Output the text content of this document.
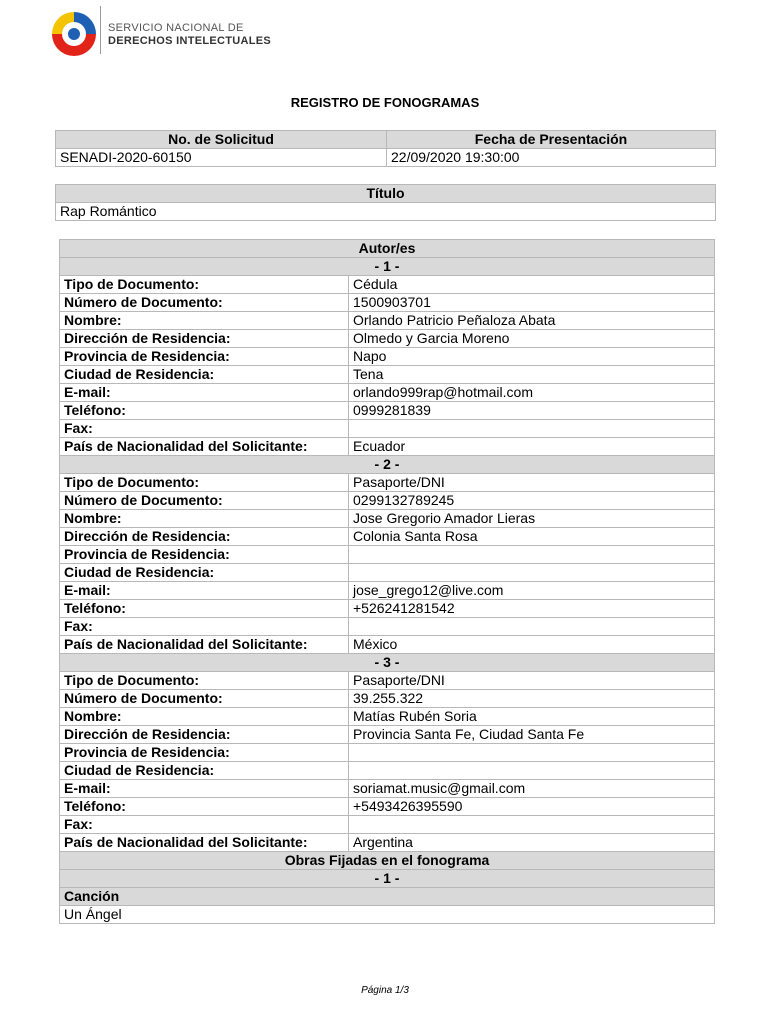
SERVICIO NACIONAL DE
DERECHOS INTELECTUALES
REGISTRO DE FONOGRAMAS
No. de Solicitud	Fecha de Presentación
SENADI-2020-60150	22/09/2020 19:30:00
Título
Rap Romántico
Autor/es	
- 1 -	
Tipo de Documento:	Cédula
Número de Documento:	1500903701
Nombre:	Orlando Patricio Peñaloza Abata
Dirección de Residencia:	Olmedo y Garcia Moreno
Provincia de Residencia:	Napo
Ciudad de Residencia:	Tena
E-mail:	orlando999rap@hotmail.com
Teléfono:	0999281839
Fax:	
País de Nacionalidad del Solicitante:	Ecuador
- 2 -	
Tipo de Documento:	Pasaporte/DNI
Número de Documento:	0299132789245
Nombre:	Jose Gregorio Amador Lieras
Dirección de Residencia:	Colonia Santa Rosa
Provincia de Residencia:	
Ciudad de Residencia:	
E-mail:	jose_grego12@live.com
Teléfono:	+526241281542
Fax:	
País de Nacionalidad del Solicitante:	México
- 3 -	
Tipo de Documento:	Pasaporte/DNI
Número de Documento:	39.255.322
Nombre:	Matías Rubén Soria
Dirección de Residencia:	Provincia Santa Fe, Ciudad Santa Fe
Provincia de Residencia:	
Ciudad de Residencia:	
E-mail:	soriamat.music@gmail.com
Teléfono:	+5493426395590
Fax:	
País de Nacionalidad del Solicitante:	Argentina
Obras Fijadas en el fonograma	
- 1 -	
Canción	
Un Ángel	
Página 1/3
